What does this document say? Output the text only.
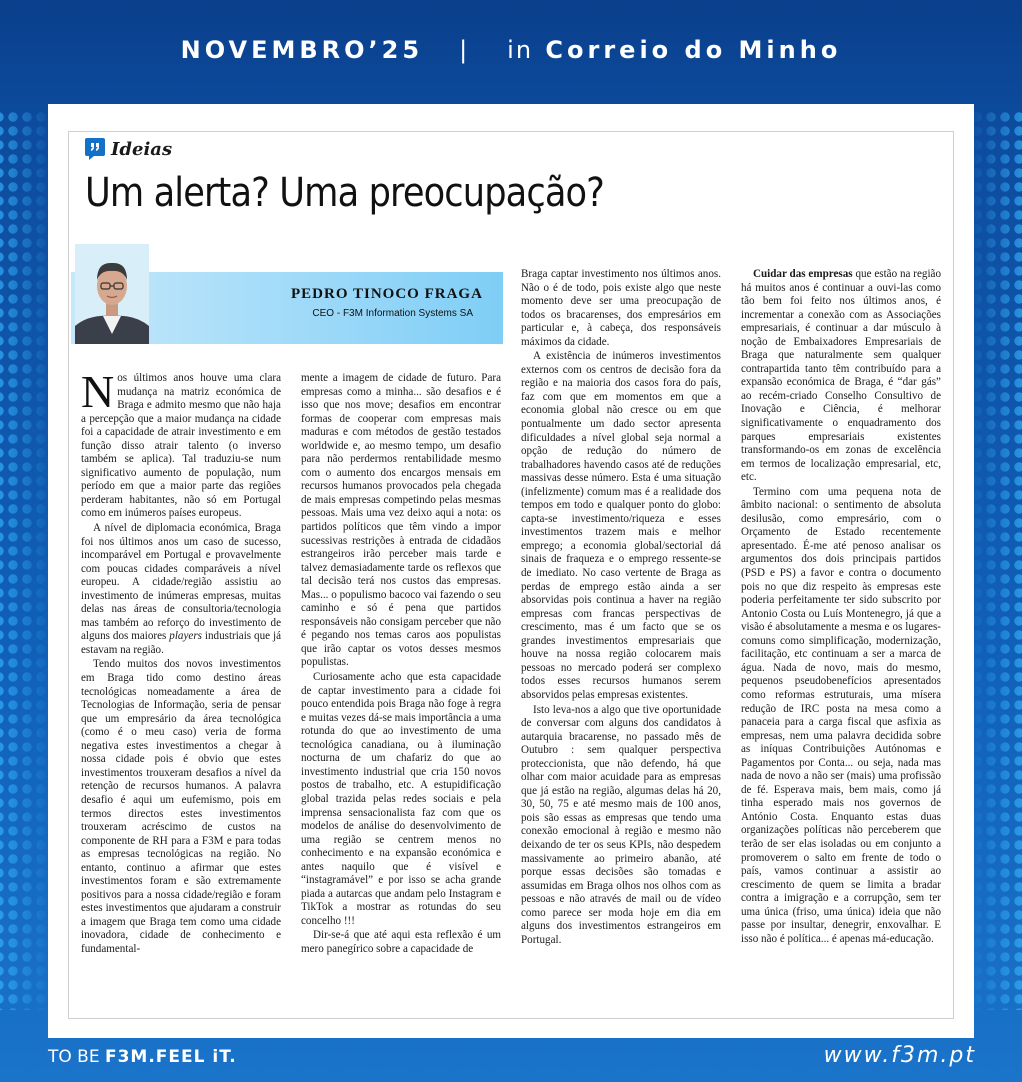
NOVEMBRO’25 | in Correio do Minho
Ideias
Um alerta? Uma preocupação?
PEDRO TINOCO FRAGA
CEO - F3M Information Systems SA

Nos últimos anos houve uma clara mudança na matriz económica de Braga e admito mesmo que não haja a percepção que a maior mudança na cidade foi a capacidade de atrair investimento e em função disso atrair talento (o inverso também se aplica). Tal traduziu-se num significativo aumento de população, num período em que a maior parte das regiões perderam habitantes, não só em Portugal como em inúmeros países europeus.

A nível de diplomacia económica, Braga foi nos últimos anos um caso de sucesso, incomparável em Portugal e provavelmente com poucas cidades comparáveis a nível europeu. A cidade/região assistiu ao investimento de inúmeras empresas, muitas delas nas áreas de consultoria/tecnologia mas também ao reforço do investimento de alguns dos maiores players industriais que já estavam na região.

Tendo muitos dos novos investimentos em Braga tido como destino áreas tecnológicas nomeadamente a área de Tecnologias de Informação, seria de pensar que um empresário da área tecnológica (como é o meu caso) veria de forma negativa estes investimentos a chegar à nossa cidade pois é obvio que estes investimentos trouxeram desafios a nível da retenção de recursos humanos. A palavra desafio é aqui um eufemismo, pois em termos directos estes investimentos trouxeram acréscimo de custos na componente de RH para a F3M e para todas as empresas tecnológicas na região. No entanto, continuo a afirmar que estes investimentos foram e são extremamente positivos para a nossa cidade/região e foram estes investimentos que ajudaram a construir a imagem que Braga tem como uma cidade inovadora, cidade de conhecimento e fundamental-

mente a imagem de cidade de futuro. Para empresas como a minha... são desafios e é isso que nos move; desafios em encontrar formas de cooperar com empresas mais maduras e com métodos de gestão testados worldwide e, ao mesmo tempo, um desafio para não perdermos rentabilidade mesmo com o aumento dos encargos mensais em recursos humanos provocados pela chegada de mais empresas competindo pelas mesmas pessoas. Mais uma vez deixo aqui a nota: os partidos políticos que têm vindo a impor sucessivas restrições à entrada de cidadãos estrangeiros irão perceber mais tarde e talvez demasiadamente tarde os reflexos que tal decisão terá nos custos das empresas. Mas... o populismo bacoco vai fazendo o seu caminho e só é pena que partidos responsáveis não consigam perceber que não é pegando nos temas caros aos populistas que irão captar os votos desses mesmos populistas.

Curiosamente acho que esta capacidade de captar investimento para a cidade foi pouco entendida pois Braga não foge à regra e muitas vezes dá-se mais importância a uma rotunda do que ao investimento de uma tecnológica canadiana, ou à iluminação nocturna de um chafariz do que ao investimento industrial que cria 150 novos postos de trabalho, etc. A estupidificação global trazida pelas redes sociais e pela imprensa sensacionalista faz com que os modelos de análise do desenvolvimento de uma região se centrem menos no conhecimento e na expansão económica e antes naquilo que é visível e “instagramável” e por isso se acha grande piada a autarcas que andam pelo Instagram e TikTok a mostrar as rotundas do seu concelho !!!

Dir-se-á que até aqui esta reflexão é um mero panegírico sobre a capacidade de

Braga captar investimento nos últimos anos. Não o é de todo, pois existe algo que neste momento deve ser uma preocupação de todos os bracarenses, dos empresários em particular e, à cabeça, dos responsáveis máximos da cidade.

A existência de inúmeros investimentos externos com os centros de decisão fora da região e na maioria dos casos fora do país, faz com que em momentos em que a economia global não cresce ou em que pontualmente um dado sector apresenta dificuldades a nível global seja normal a opção de redução do número de trabalhadores havendo casos até de reduções massivas desse número. Esta é uma situação (infelizmente) comum mas é a realidade dos tempos em todo e qualquer ponto do globo: capta-se investimento/riqueza e esses investimentos trazem mais e melhor emprego; a economia global/sectorial dá sinais de fraqueza e o emprego ressente-se de imediato. No caso vertente de Braga as perdas de emprego estão ainda a ser absorvidas pois continua a haver na região empresas com francas perspectivas de crescimento, mas é um facto que se os grandes investimentos empresariais que houve na nossa região colocarem mais pessoas no mercado poderá ser complexo todos esses recursos humanos serem absorvidos pelas empresas existentes.

Isto leva-nos a algo que tive oportunidade de conversar com alguns dos candidatos à autarquia bracarense, no passado mês de Outubro : sem qualquer perspectiva proteccionista, que não defendo, há que olhar com maior acuidade para as empresas que já estão na região, algumas delas há 20, 30, 50, 75 e até mesmo mais de 100 anos, pois são essas as empresas que tendo uma conexão emocional à região e mesmo não deixando de ter os seus KPIs, não despedem massivamente ao primeiro abanão, até porque essas decisões são tomadas e assumidas em Braga olhos nos olhos com as pessoas e não através de mail ou de vídeo como parece ser moda hoje em dia em alguns dos investimentos estrangeiros em Portugal.

Cuidar das empresas que estão na região há muitos anos é continuar a ouvi-las como tão bem foi feito nos últimos anos, é incrementar a conexão com as Associações empresariais, é continuar a dar músculo à noção de Embaixadores Empresariais de Braga que naturalmente sem qualquer contrapartida tanto têm contribuído para a expansão económica de Braga, é “dar gás” ao recém-criado Conselho Consultivo de Inovação e Ciência, é melhorar significativamente o enquadramento dos parques empresariais existentes transformando-os em zonas de excelência em termos de localização empresarial, etc, etc.

Termino com uma pequena nota de âmbito nacional: o sentimento de absoluta desilusão, como empresário, com o Orçamento de Estado recentemente apresentado. É-me até penoso analisar os argumentos dos dois principais partidos (PSD e PS) a favor e contra o documento pois no que diz respeito às empresas este poderia perfeitamente ter sido subscrito por Antonio Costa ou Luís Montenegro, já que a visão é absolutamente a mesma e os lugares-comuns como simplificação, modernização, facilitação, etc continuam a ser a marca de água. Nada de novo, mais do mesmo, pequenos pseudobenefícios apresentados como reformas estruturais, uma mísera redução de IRC posta na mesa como a panaceia para a carga fiscal que asfixia as empresas, nem uma palavra decidida sobre as iníquas Contribuições Autónomas e Pagamentos por Conta... ou seja, nada mas nada de novo a não ser (mais) uma profissão de fé. Esperava mais, bem mais, como já tinha esperado mais nos governos de António Costa. Enquanto estas duas organizações políticas não perceberem que terão de ser elas isoladas ou em conjunto a promoverem o salto em frente de todo o país, vamos continuar a assistir ao crescimento de quem se limita a bradar contra a imigração e a corrupção, sem ter uma única (friso, uma única) ideia que não passe por insultar, denegrir, enxovalhar. E isso não é política... é apenas má-educação.

TO BE F3M.FEEL iT.	www.f3m.pt
